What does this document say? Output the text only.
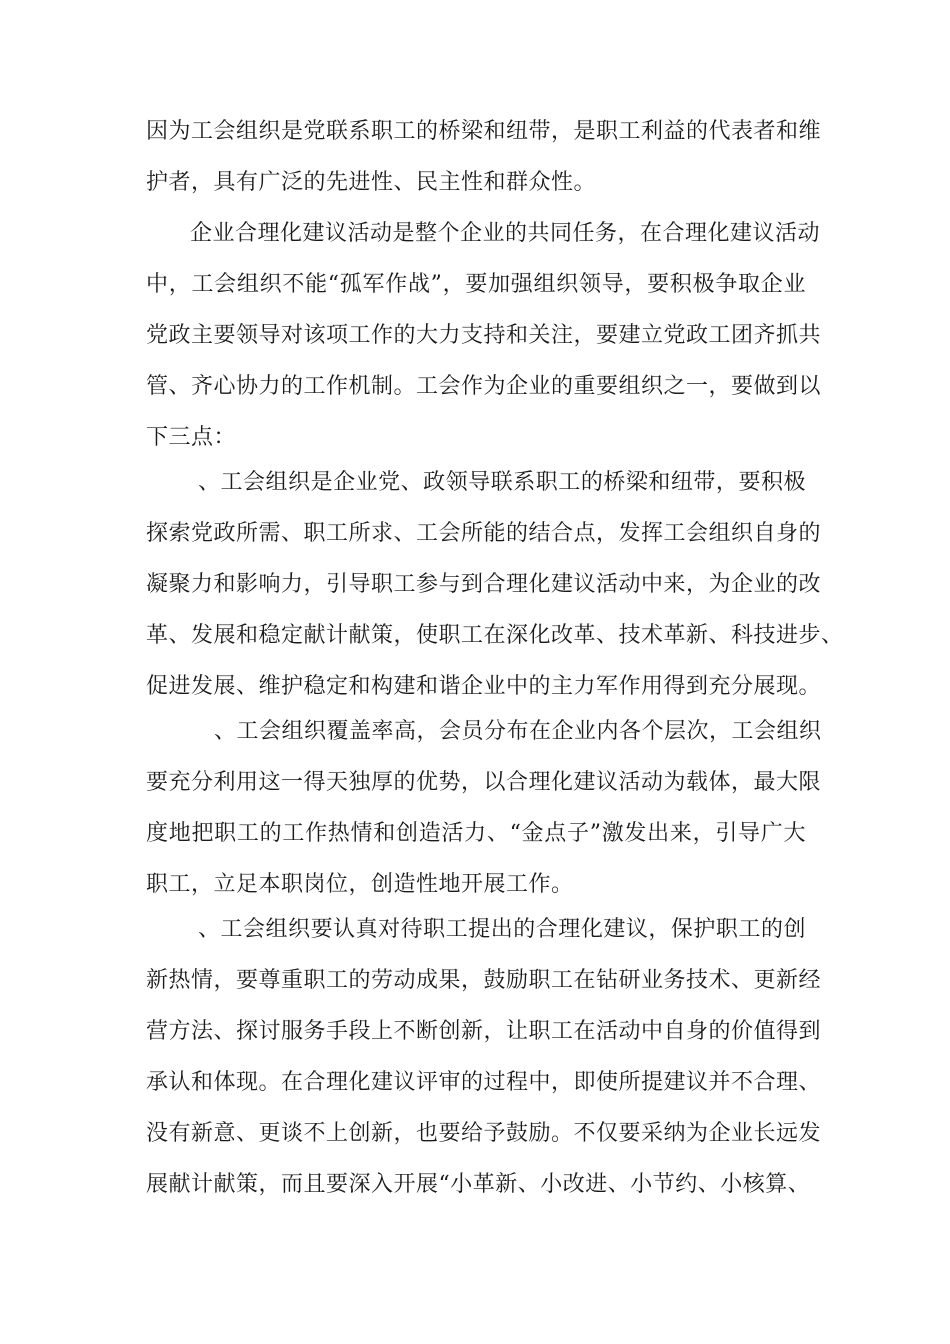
因为工会组织是党联系职工的桥梁和纽带，是职工利益的代表者和维
护者，具有广泛的先进性、民主性和群众性。
企业合理化建议活动是整个企业的共同任务，在合理化建议活动
中，工会组织不能“孤军作战”，要加强组织领导，要积极争取企业
党政主要领导对该项工作的大力支持和关注，要建立党政工团齐抓共
管、齐心协力的工作机制。工会作为企业的重要组织之一，要做到以
下三点：
、工会组织是企业党、政领导联系职工的桥梁和纽带，要积极
探索党政所需、职工所求、工会所能的结合点，发挥工会组织自身的
凝聚力和影响力，引导职工参与到合理化建议活动中来，为企业的改
革、发展和稳定献计献策，使职工在深化改革、技术革新、科技进步、
促进发展、维护稳定和构建和谐企业中的主力军作用得到充分展现。
、工会组织覆盖率高，会员分布在企业内各个层次，工会组织
要充分利用这一得天独厚的优势，以合理化建议活动为载体，最大限
度地把职工的工作热情和创造活力、“金点子”激发出来，引导广大
职工，立足本职岗位，创造性地开展工作。
、工会组织要认真对待职工提出的合理化建议，保护职工的创
新热情，要尊重职工的劳动成果，鼓励职工在钻研业务技术、更新经
营方法、探讨服务手段上不断创新，让职工在活动中自身的价值得到
承认和体现。在合理化建议评审的过程中，即使所提建议并不合理、
没有新意、更谈不上创新，也要给予鼓励。不仅要采纳为企业长远发
展献计献策，而且要深入开展“小革新、小改进、小节约、小核算、
